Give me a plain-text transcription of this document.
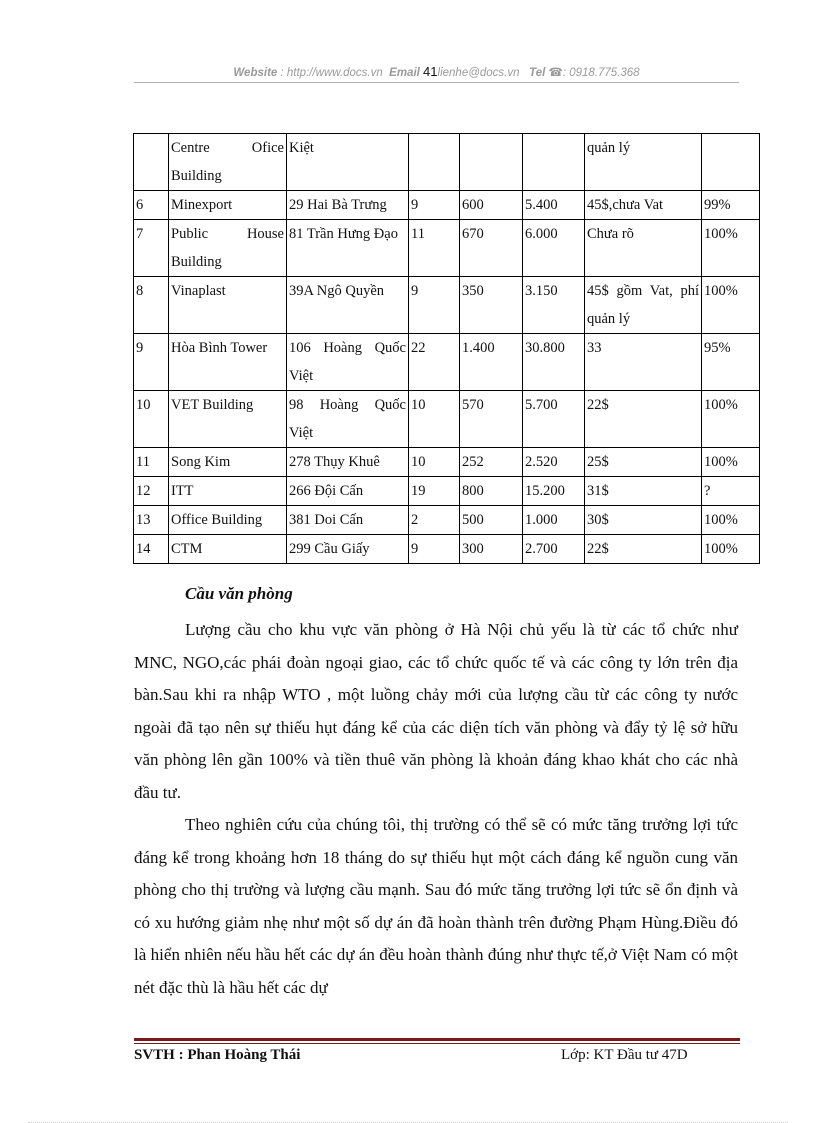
Website : http://www.docs.vn Email 41lienhe@docs.vn Tel ☎: 0918.775.368
	Centre Ofice Building	Kiệt				quản lý	
6	Minexport	29 Hai Bà Trưng	9	600	5.400	45$,chưa Vat	99%
7	Public House Building	81 Trần Hưng Đạo	11	670	6.000	Chưa rõ	100%
8	Vinaplast	39A Ngô Quyền	9	350	3.150	45$ gồm Vat, phí quản lý	100%
9	Hòa Bình Tower	106 Hoàng Quốc Việt	22	1.400	30.800	33	95%
10	VET Building	98 Hoàng Quốc Việt	10	570	5.700	22$	100%
11	Song Kim	278 Thụy Khuê	10	252	2.520	25$	100%
12	ITT	266 Đội Cấn	19	800	15.200	31$	?
13	Office Building	381 Doi Cấn	2	500	1.000	30$	100%
14	CTM	299 Cầu Giấy	9	300	2.700	22$	100%
Cầu văn phòng

Lượng cầu cho khu vực văn phòng ở Hà Nội chủ yếu là từ các tổ chức như MNC, NGO,các phái đoàn ngoại giao, các tổ chức quốc tế và các công ty lớn trên địa bàn.Sau khi ra nhập WTO , một luồng chảy mới của lượng cầu từ các công ty nước ngoài đã tạo nên sự thiếu hụt đáng kể của các diện tích văn phòng và đẩy tỷ lệ sở hữu văn phòng lên gần 100% và tiền thuê văn phòng là khoản đáng khao khát cho các nhà đầu tư.

Theo nghiên cứu của chúng tôi, thị trường có thể sẽ có mức tăng trưởng lợi tức đáng kể trong khoảng hơn 18 tháng do sự thiếu hụt một cách đáng kể nguồn cung văn phòng cho thị trường và lượng cầu mạnh. Sau đó mức tăng trưởng lợi tức sẽ ổn định và có xu hướng giảm nhẹ như một số dự án đã hoàn thành trên đường Phạm Hùng.Điều đó là hiển nhiên nếu hầu hết các dự án đều hoàn thành đúng như thực tế,ở Việt Nam có một nét đặc thù là hầu hết các dự

SVTH : Phan Hoàng Thái	Lớp: KT Đầu tư 47D
